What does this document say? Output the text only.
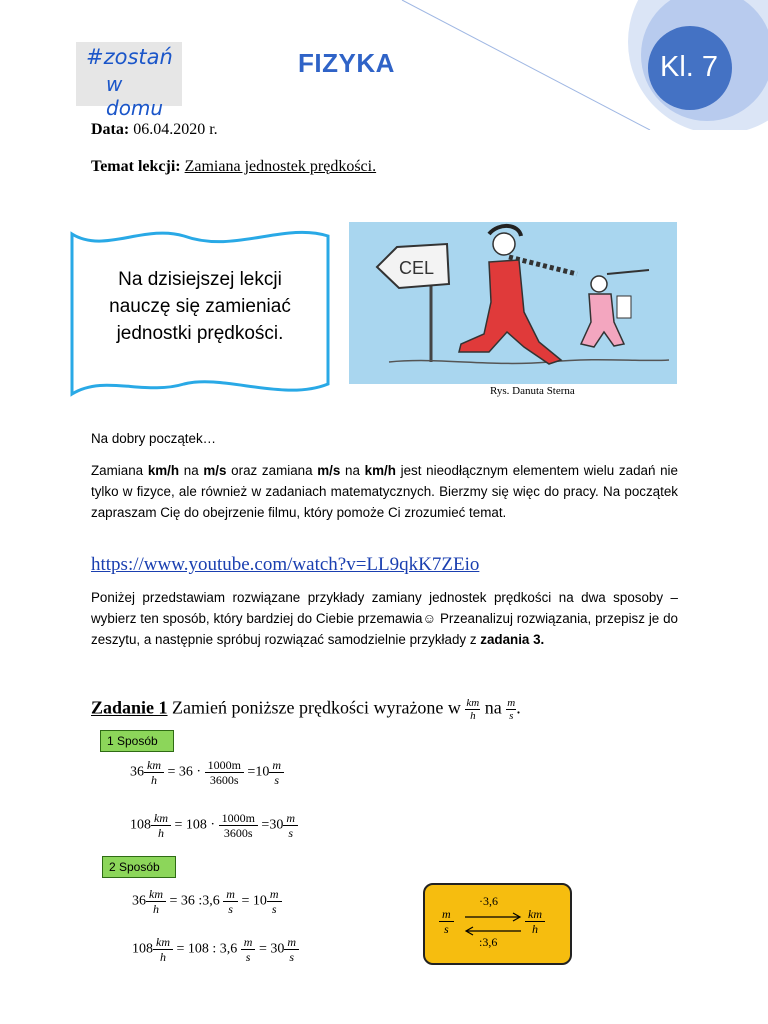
#zostań
w domu
FIZYKA	Kl. 7
Data: 06.04.2020 r.
Temat lekcji: Zamiana jednostek prędkości.
Na dzisiejszej lekcji
nauczę się zamieniać
jednostki prędkości.
CEL
Rys. Danuta Sterna
Na dobry początek…
Zamiana km/h na m/s oraz zamiana m/s na km/h jest nieodłącznym elementem wielu zadań nie tylko w fizyce, ale również w zadaniach matematycznych. Bierzmy się więc do pracy. Na początek zapraszam Cię do obejrzenie filmu, który pomoże Ci zrozumieć temat.
https://www.youtube.com/watch?v=LL9qkK7ZEio
Poniżej przedstawiam rozwiązane przykłady zamiany jednostek prędkości na dwa sposoby – wybierz ten sposób, który bardziej do Ciebie przemawia☺ Przeanalizuj rozwiązania, przepisz je do zeszytu, a następnie spróbuj rozwiązać samodzielnie przykłady z zadania 3.
Zadanie 1 Zamień poniższe prędkości wyrażone w $\frac{km}{h}$ na $\frac{m}{s}$ .
1 Sposób
$36 \frac{km}{h} = 36 \cdot \frac{1000m}{3600s} =10 \frac{m}{s}$
$108 \frac{km}{h} = 108 \cdot \frac{1000m}{3600s} =30 \frac{m}{s}$
2 Sposób
$36 \frac{km}{h} = 36$ :3,6 $\frac{m}{s} = 10 \frac{m}{s}$
$108 \frac{km}{h} = 108$ : $3,6 \frac{m}{s} = 30 \frac{m}{s}$
$\frac{m}{s}$	$\frac{km}{h}$
·3,6
:3,6
